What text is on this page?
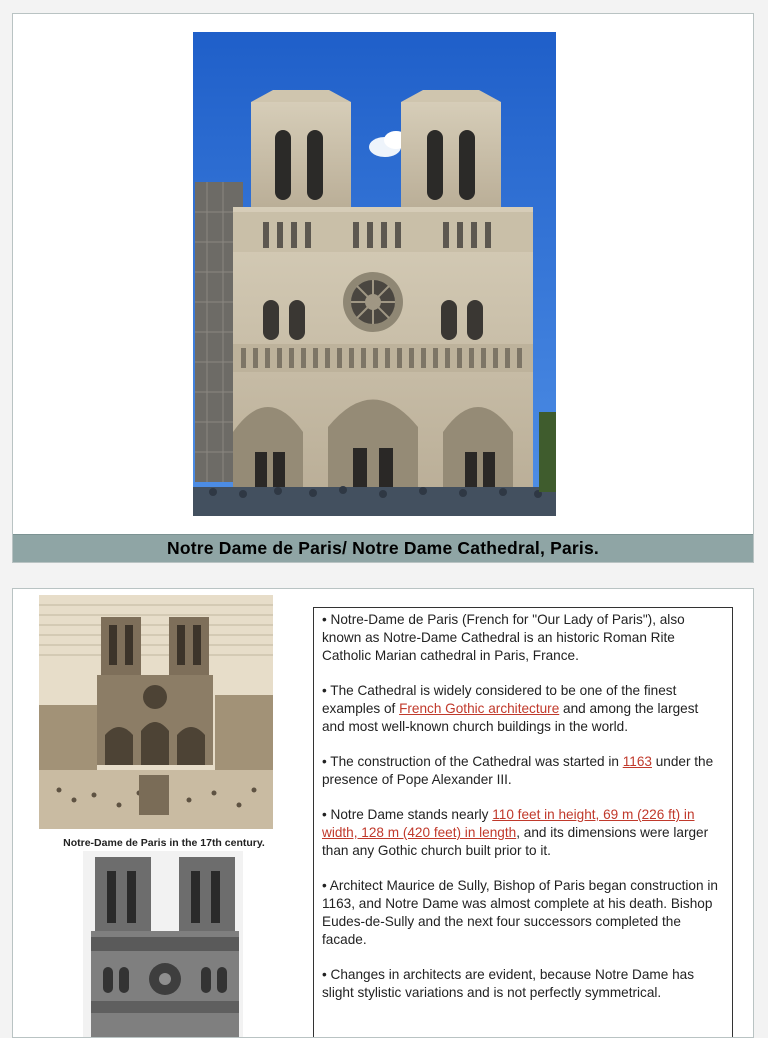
Notre Dame de Paris/ Notre Dame Cathedral, Paris.
Notre-Dame de Paris in the 17th century.

• Notre-Dame de Paris (French for "Our Lady of Paris"), also known as Notre-Dame Cathedral is an historic Roman Rite Catholic Marian cathedral in Paris, France.

• The Cathedral is widely considered to be one of the finest examples of French Gothic architecture and among the largest and most well-known church buildings in the world.

• The construction of the Cathedral was started in 1163 under the presence of Pope Alexander III.

• Notre Dame stands nearly 110 feet in height, 69 m (226 ft) in width, 128 m (420 feet) in length, and its dimensions were larger than any Gothic church built prior to it.

• Architect Maurice de Sully, Bishop of Paris began construction in 1163, and Notre Dame was almost complete at his death. Bishop Eudes-de-Sully and the next four successors completed the facade.

• Changes in architects are evident, because Notre Dame has slight stylistic variations and is not perfectly symmetrical.
